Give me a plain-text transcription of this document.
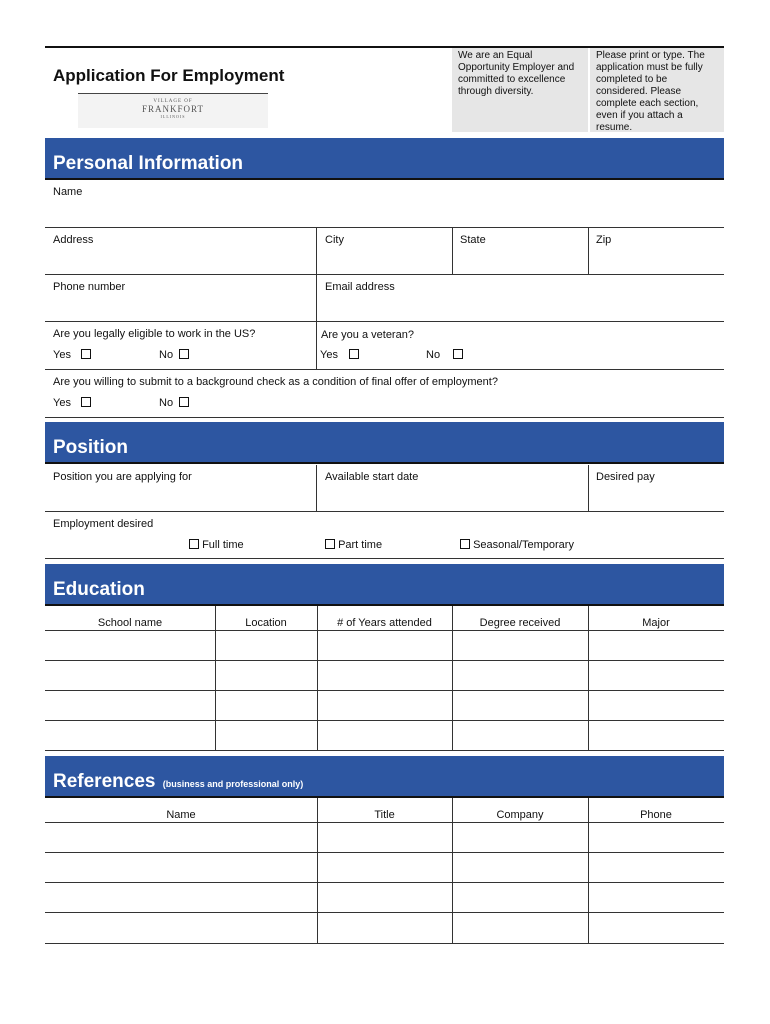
Application For Employment
VILLAGE OF
FRANKFORT
ILLINOIS
We are an Equal Opportunity Employer and committed to excellence through diversity.
Please print or type. The application must be fully completed to be considered. Please complete each section, even if you attach a resume.
Personal Information
Name
Address	City	State	Zip
Phone number	Email address
Are you legally eligible to work in the US?	Are you a veteran?
Yes	No	Yes	No
Are you willing to submit to a background check as a condition of final offer of employment?
Yes	No
Position
Position you are applying for	Available start date	Desired pay
Employment desired
Full time	Part time	Seasonal/Temporary
Education
School name	Location	# of Years attended	Degree received	Major
References (business and professional only)
Name	Title	Company	Phone
